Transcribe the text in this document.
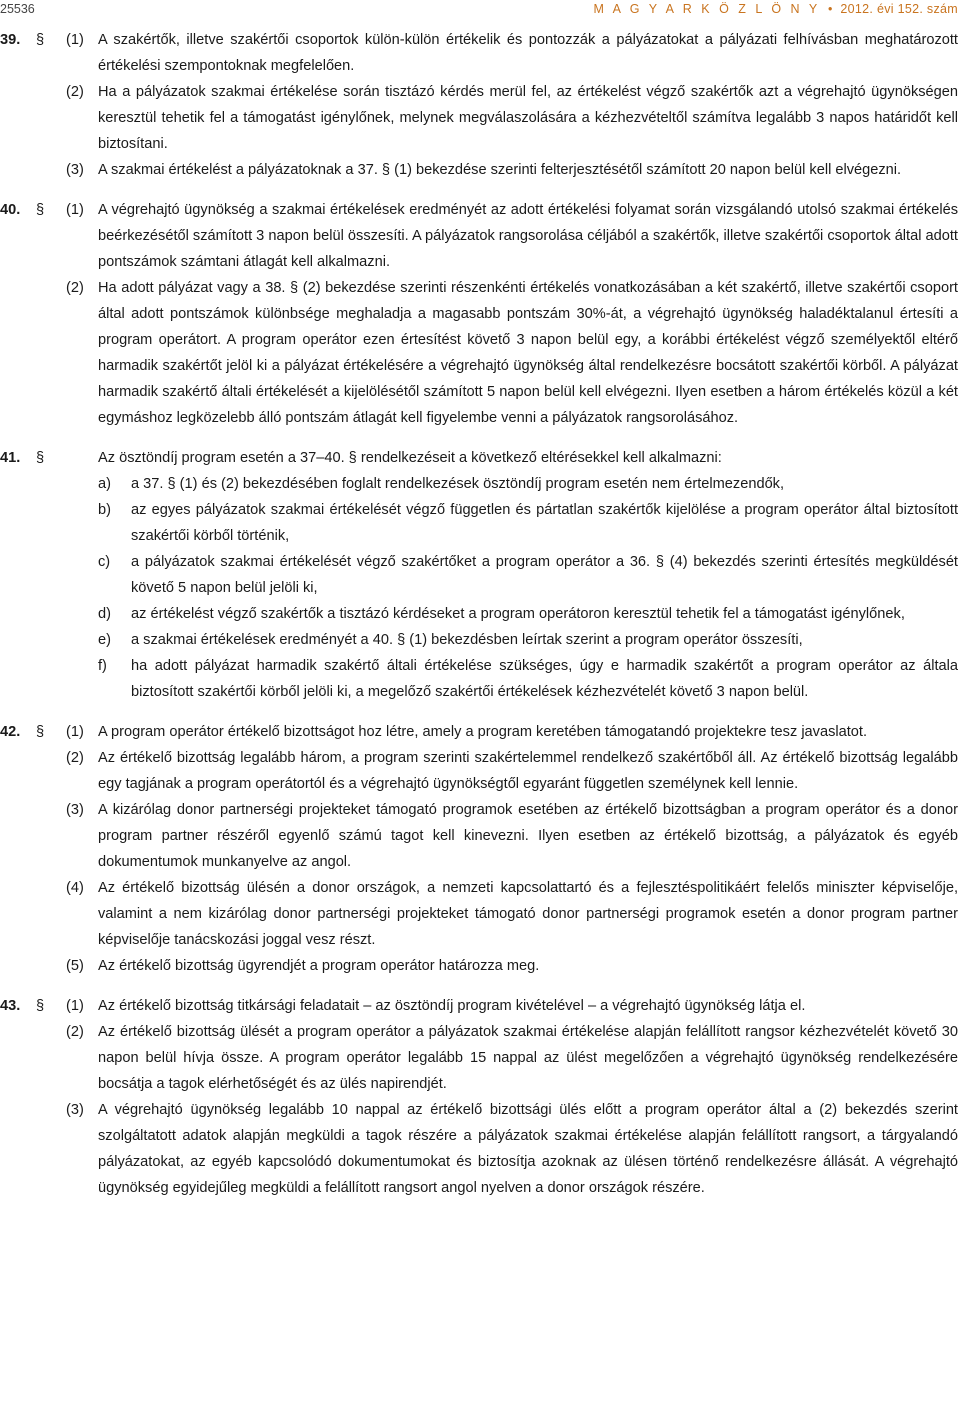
25536	M A G Y A R K Ö Z L Ö N Y • 2012. évi 152. szám
39.	§ (1) A szakértők, illetve szakértői csoportok külön-külön értékelik és pontozzák a pályázatokat a pályázati felhívásban meghatározott értékelési szempontoknak megfelelően.
(2) Ha a pályázatok szakmai értékelése során tisztázó kérdés merül fel, az értékelést végző szakértők azt a végrehajtó ügynökségen keresztül tehetik fel a támogatást igénylőnek, melynek megválaszolására a kézhezvételtől számítva legalább 3 napos határidőt kell biztosítani.
(3) A szakmai értékelést a pályázatoknak a 37. § (1) bekezdése szerinti felterjesztésétől számított 20 napon belül kell elvégezni.
40.	§ (1) A végrehajtó ügynökség a szakmai értékelések eredményét az adott értékelési folyamat során vizsgálandó utolsó szakmai értékelés beérkezésétől számított 3 napon belül összesíti. A pályázatok rangsorolása céljából a szakértők, illetve szakértői csoportok által adott pontszámok számtani átlagát kell alkalmazni.
(2) Ha adott pályázat vagy a 38. § (2) bekezdése szerinti részenkénti értékelés vonatkozásában a két szakértő, illetve szakértői csoport által adott pontszámok különbsége meghaladja a magasabb pontszám 30%-át, a végrehajtó ügynökség haladéktalanul értesíti a program operátort. A program operátor ezen értesítést követő 3 napon belül egy, a korábbi értékelést végző személyektől eltérő harmadik szakértőt jelöl ki a pályázat értékelésére a végrehajtó ügynökség által rendelkezésre bocsátott szakértői körből. A pályázat harmadik szakértő általi értékelését a kijelölésétől számított 5 napon belül kell elvégezni. Ilyen esetben a három értékelés közül a két egymáshoz legközelebb álló pontszám átlagát kell figyelembe venni a pályázatok rangsorolásához.
41.	§	Az ösztöndíj program esetén a 37–40. § rendelkezéseit a következő eltérésekkel kell alkalmazni:
a) a 37. § (1) és (2) bekezdésében foglalt rendelkezések ösztöndíj program esetén nem értelmezendők,
b) az egyes pályázatok szakmai értékelését végző független és pártatlan szakértők kijelölése a program operátor által biztosított szakértői körből történik,
c) a pályázatok szakmai értékelését végző szakértőket a program operátor a 36. § (4) bekezdés szerinti értesítés megküldését követő 5 napon belül jelöli ki,
d) az értékelést végző szakértők a tisztázó kérdéseket a program operátoron keresztül tehetik fel a támogatást igénylőnek,
e) a szakmai értékelések eredményét a 40. § (1) bekezdésben leírtak szerint a program operátor összesíti,
f) ha adott pályázat harmadik szakértő általi értékelése szükséges, úgy e harmadik szakértőt a program operátor az általa biztosított szakértői körből jelöli ki, a megelőző szakértői értékelések kézhezvételét követő 3 napon belül.
42.	§ (1) A program operátor értékelő bizottságot hoz létre, amely a program keretében támogatandó projektekre tesz javaslatot.
(2) Az értékelő bizottság legalább három, a program szerinti szakértelemmel rendelkező szakértőből áll. Az értékelő bizottság legalább egy tagjának a program operátortól és a végrehajtó ügynökségtől egyaránt független személynek kell lennie.
(3) A kizárólag donor partnerségi projekteket támogató programok esetében az értékelő bizottságban a program operátor és a donor program partner részéről egyenlő számú tagot kell kinevezni. Ilyen esetben az értékelő bizottság, a pályázatok és egyéb dokumentumok munkanyelve az angol.
(4) Az értékelő bizottság ülésén a donor országok, a nemzeti kapcsolattartó és a fejlesztéspolitikáért felelős miniszter képviselője, valamint a nem kizárólag donor partnerségi projekteket támogató donor partnerségi programok esetén a donor program partner képviselője tanácskozási joggal vesz részt.
(5) Az értékelő bizottság ügyrendjét a program operátor határozza meg.
43.	§ (1) Az értékelő bizottság titkársági feladatait – az ösztöndíj program kivételével – a végrehajtó ügynökség látja el.
(2) Az értékelő bizottság ülését a program operátor a pályázatok szakmai értékelése alapján felállított rangsor kézhezvételét követő 30 napon belül hívja össze. A program operátor legalább 15 nappal az ülést megelőzően a végrehajtó ügynökség rendelkezésére bocsátja a tagok elérhetőségét és az ülés napirendjét.
(3) A végrehajtó ügynökség legalább 10 nappal az értékelő bizottsági ülés előtt a program operátor által a (2) bekezdés szerint szolgáltatott adatok alapján megküldi a tagok részére a pályázatok szakmai értékelése alapján felállított rangsort, a tárgyalandó pályázatokat, az egyéb kapcsolódó dokumentumokat és biztosítja azoknak az ülésen történő rendelkezésre állását. A végrehajtó ügynökség egyidejűleg megküldi a felállított rangsort angol nyelven a donor országok részére.
